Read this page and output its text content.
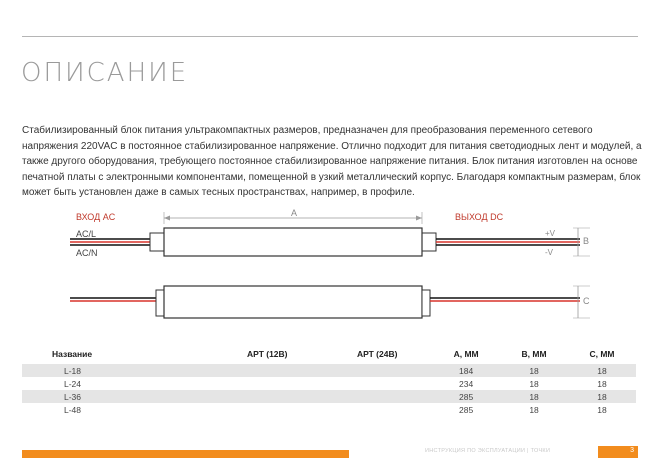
ОПИСАНИЕ

Стабилизированный блок питания ультракомпактных размеров, предназначен для преобразования переменного сетевого напряжения 220VAC в постоянное стабилизированное напряжение. Отлично подходит для питания светодиодных лент и модулей, а также другого оборудования, требующего постоянное стабилизированное напряжение питания. Блок питания изготовлен на основе печатной платы с электронными компонентами, помещенной в узкий металлический корпус. Благодаря компактным размерам, блок может быть установлен даже в самых тесных пространствах, например, в профиле.

ВХОД AC
AC/L
AC/N
ВЫХОД DC
+V
-V
A
B
C
Название	АРТ (12В)	АРТ (24В)	A, ММ	B, ММ	C, ММ
L-18			184	18	18
L-24			234	18	18
L-36			285	18	18
L-48			285	18	18
ИНСТРУКЦИЯ ПО ЭКСПЛУАТАЦИИ | ТОЧКИ	3
